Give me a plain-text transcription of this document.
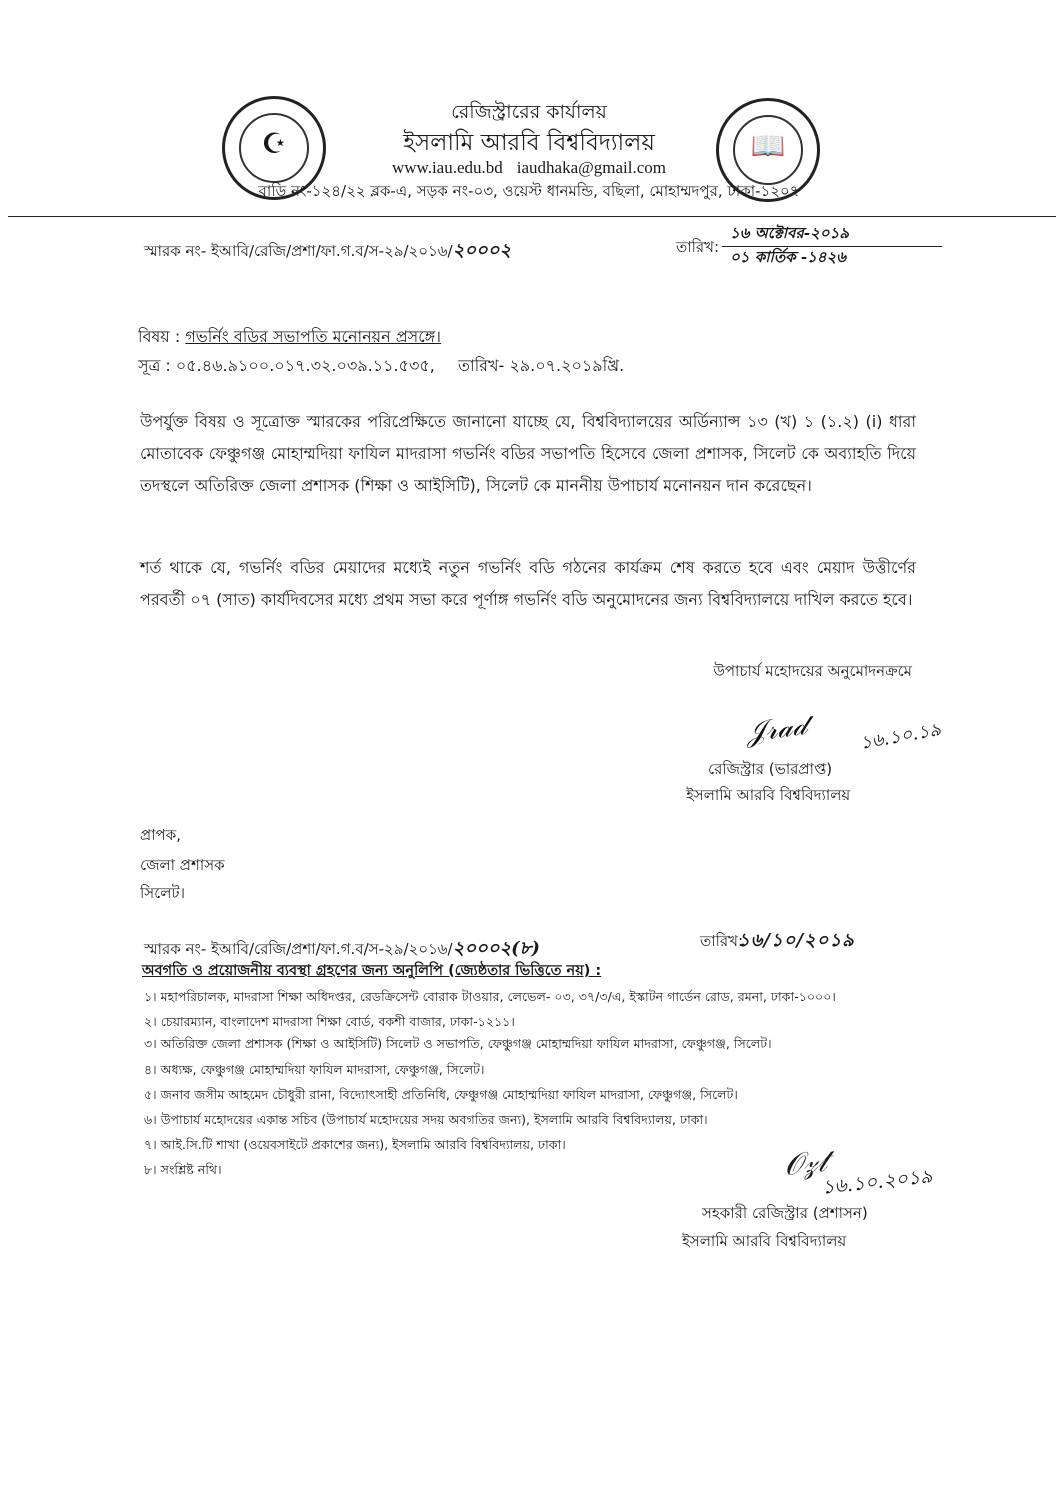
☪	📖
রেজিস্ট্রারের কার্যালয়
ইসলামি আরবি বিশ্ববিদ্যালয়
www.iau.edu.bd iaudhaka@gmail.com
বাড়ি নং-১২৪/২২ ব্লক-এ, সড়ক নং-০৩, ওয়েস্ট ধানমন্ডি, বছিলা, মোহাম্মদপুর, ঢাকা-১২০৭
স্মারক নং- ইআবি/রেজি/প্রশা/ফা.গ.ব/স-২৯/২০১৬/২০০০২	তারিখ:
১৬ অক্টোবর-২০১৯
০১ কার্তিক -১৪২৬
বিষয় : গভর্নিং বডির সভাপতি মনোনয়ন প্রসঙ্গে।
সূত্র : ০৫.৪৬.৯১০০.০১৭.৩২.০৩৯.১১.৫৩৫, তারিখ- ২৯.০৭.২০১৯খ্রি.
উপর্যুক্ত বিষয় ও সূত্রোক্ত স্মারকের পরিপ্রেক্ষিতে জানানো যাচ্ছে যে, বিশ্ববিদ্যালয়ের অর্ডিন্যান্স ১৩ (খ) ১ (১.২) (i) ধারা মোতাবেক ফেঞ্চুগঞ্জ মোহাম্মদিয়া ফাযিল মাদরাসা গভর্নিং বডির সভাপতি হিসেবে জেলা প্রশাসক, সিলেট কে অব্যাহতি দিয়ে তদস্থলে অতিরিক্ত জেলা প্রশাসক (শিক্ষা ও আইসিটি), সিলেট কে মাননীয় উপাচার্য মনোনয়ন দান করেছেন।
শর্ত থাকে যে, গভর্নিং বডির মেয়াদের মধ্যেই নতুন গভর্নিং বডি গঠনের কার্যক্রম শেষ করতে হবে এবং মেয়াদ উত্তীর্ণের পরবর্তী ০৭ (সাত) কার্যদিবসের মধ্যে প্রথম সভা করে পূর্ণাঙ্গ গভর্নিং বডি অনুমোদনের জন্য বিশ্ববিদ্যালয়ে দাখিল করতে হবে।
উপাচার্য মহোদয়ের অনুমোদনক্রমে
𝒥𝓇𝒶𝒹	১৬.১০.১৯
রেজিস্ট্রার (ভারপ্রাপ্ত)
ইসলামি আরবি বিশ্ববিদ্যালয়
প্রাপক,
জেলা প্রশাসক
সিলেট।
স্মারক নং- ইআবি/রেজি/প্রশা/ফা.গ.ব/স-২৯/২০১৬/২০০০২(৮)	তারিখ:
১৬/১০/২০১৯
অবগতি ও প্রয়োজনীয় ব্যবস্থা গ্রহণের জন্য অনুলিপি (জ্যেষ্ঠতার ভিত্তিতে নয়) :
১। মহাপরিচালক, মাদরাসা শিক্ষা অধিদপ্তর, রেডক্রিসেন্ট বোরাক টাওয়ার, লেভেল- ০৩, ৩৭/৩/এ, ইস্কাটন গার্ডেন রোড, রমনা, ঢাকা-১০০০।
২। চেয়ারম্যান, বাংলাদেশ মাদরাসা শিক্ষা বোর্ড, বকশী বাজার, ঢাকা-১২১১।
৩। অতিরিক্ত জেলা প্রশাসক (শিক্ষা ও আইসিটি) সিলেট ও সভাপতি, ফেঞ্চুগঞ্জ মোহাম্মদিয়া ফাযিল মাদরাসা, ফেঞ্চুগঞ্জ, সিলেট।
৪। অধ্যক্ষ, ফেঞ্চুগঞ্জ মোহাম্মদিয়া ফাযিল মাদরাসা, ফেঞ্চুগঞ্জ, সিলেট।
৫। জনাব জসীম আহমেদ চৌধুরী রানা, বিদ্যোৎসাহী প্রতিনিধি, ফেঞ্চুগঞ্জ মোহাম্মদিয়া ফাযিল মাদরাসা, ফেঞ্চুগঞ্জ, সিলেট।
৬। উপাচার্য মহোদয়ের একান্ত সচিব (উপাচার্য মহোদয়ের সদয় অবগতির জন্য), ইসলামি আরবি বিশ্ববিদ্যালয়, ঢাকা।
৭। আই.সি.টি শাখা (ওয়েবসাইটে প্রকাশের জন্য), ইসলামি আরবি বিশ্ববিদ্যালয়, ঢাকা।
৮। সংশ্লিষ্ট নথি।	𝒪𝓏𝓉
১৬.১০.২০১৯
সহকারী রেজিস্ট্রার (প্রশাসন)
ইসলামি আরবি বিশ্ববিদ্যালয়
